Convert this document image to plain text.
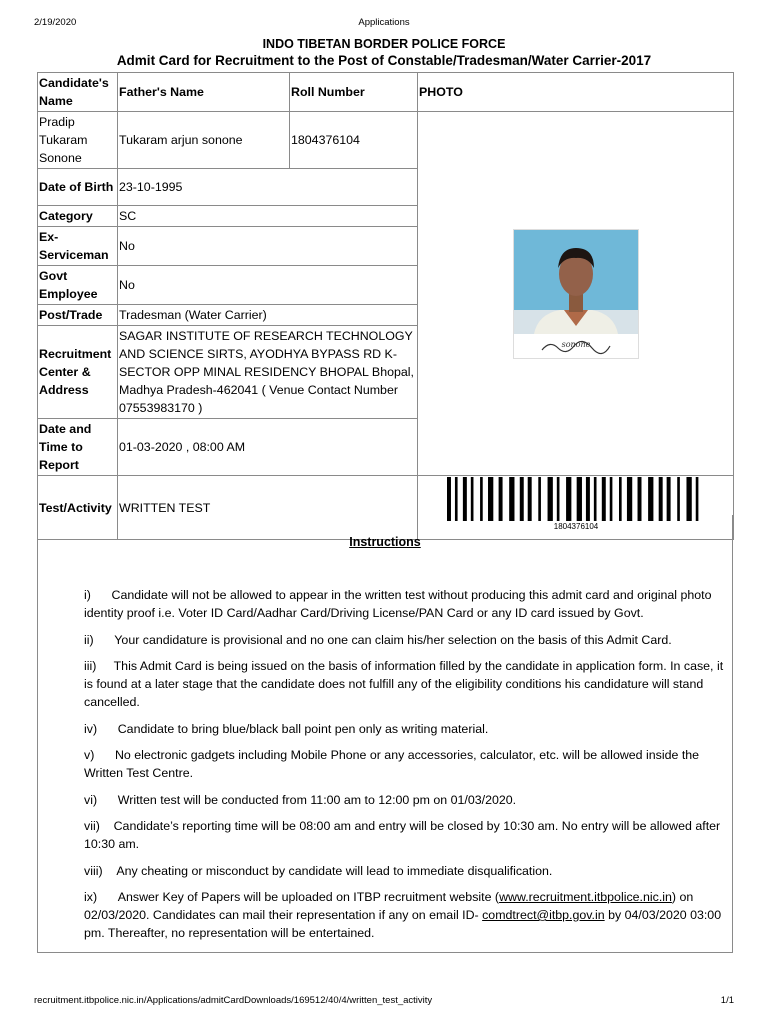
2/19/2020	Applications
INDO TIBETAN BORDER POLICE FORCE
Admit Card for Recruitment to the Post of Constable/Tradesman/Water Carrier-2017
Candidate's Name	Father's Name	Roll Number	PHOTO
Pradip Tukaram Sonone	Tukaram arjun sonone	1804376104	sonone

Date of Birth	23-10-1995		
Category	SC		
Ex-Serviceman	No		
Govt Employee	No		
Post/Trade	Tradesman (Water Carrier)		
Recruitment Center & Address	SAGAR INSTITUTE OF RESEARCH TECHNOLOGY AND SCIENCE SIRTS, AYODHYA BYPASS RD K-SECTOR OPP MINAL RESIDENCY BHOPAL Bhopal, Madhya Pradesh-462041 ( Venue Contact Number 07553983170 )		
Date and Time to Report	01-03-2020 , 08:00 AM		
Test/Activity	WRITTEN TEST		1804376104
Instructions
i) Candidate will not be allowed to appear in the written test without producing this admit card and original photo identity proof i.e. Voter ID Card/Aadhar Card/Driving License/PAN Card or any ID card issued by Govt.
ii) Your candidature is provisional and no one can claim his/her selection on the basis of this Admit Card.
iii) This Admit Card is being issued on the basis of information filled by the candidate in application form. In case, it is found at a later stage that the candidate does not fulfill any of the eligibility conditions his candidature will stand cancelled.
iv) Candidate to bring blue/black ball point pen only as writing material.
v) No electronic gadgets including Mobile Phone or any accessories, calculator, etc. will be allowed inside the Written Test Centre.
vi) Written test will be conducted from 11:00 am to 12:00 pm on 01/03/2020.
vii) Candidate’s reporting time will be 08:00 am and entry will be closed by 10:30 am. No entry will be allowed after 10:30 am.
viii) Any cheating or misconduct by candidate will lead to immediate disqualification.
ix) Answer Key of Papers will be uploaded on ITBP recruitment website (www.recruitment.itbpolice.nic.in) on 02/03/2020. Candidates can mail their representation if any on email ID- comdtrect@itbp.gov.in by 04/03/2020 03:00 pm. Thereafter, no representation will be entertained.
recruitment.itbpolice.nic.in/Applications/admitCardDownloads/169512/40/4/written_test_activity	1/1
